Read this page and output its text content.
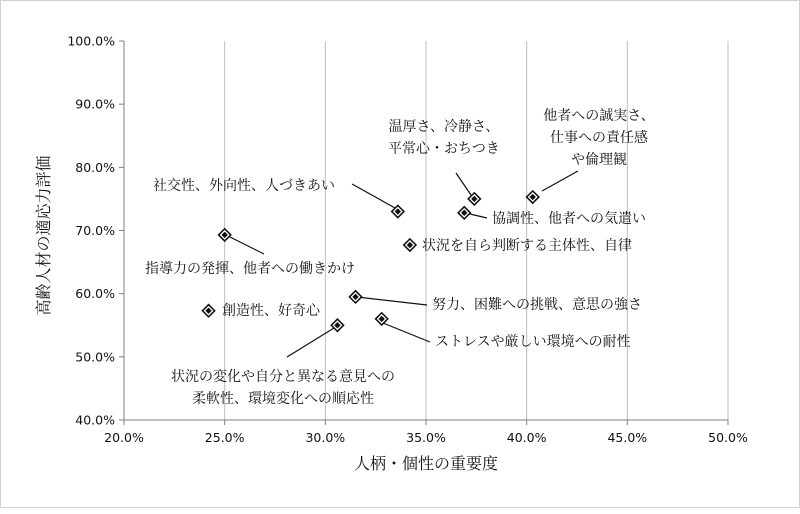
40.0%
50.0%
60.0%
70.0%
80.0%
90.0%
100.0%
20.0%	25.0%	30.0%	35.0%	40.0%	45.0%	50.0%
他者への誠実さ、
仕事への責任感
や倫理観
温厚さ、冷静さ、
平常心・おちつき
社交性、外向性、人づきあい
協調性、他者への気遣い
指導力の発揮、他者への働きかけ
状況を自ら判断する主体性、自律
努力、困難への挑戦、意思の強さ
創造性、好奇心
ストレスや厳しい環境への耐性
状況の変化や自分と異なる意見への
柔軟性、環境変化への順応性
人柄・個性の重要度
高齢人材の適応力評価
